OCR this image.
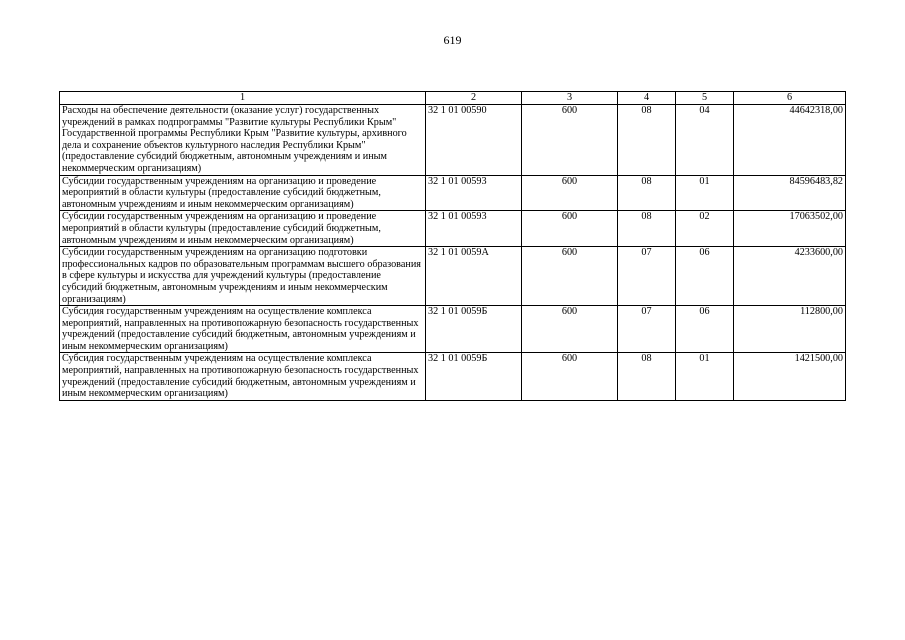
619
1	2	3	4	5	6
Расходы на обеспечение деятельности (оказание услуг) государственных учреждений в рамках подпрограммы "Развитие культуры Республики Крым" Государственной программы Республики Крым "Развитие культуры, архивного дела и сохранение объектов культурного наследия Республики Крым" (предоставление субсидий бюджетным, автономным учреждениям и иным некоммерческим организациям)	32 1 01 00590	600	08	04	44642318,00
Субсидии государственным учреждениям на организацию и проведение мероприятий в области культуры (предоставление субсидий бюджетным, автономным учреждениям и иным некоммерческим организациям)	32 1 01 00593	600	08	01	84596483,82
Субсидии государственным учреждениям на организацию и проведение мероприятий в области культуры (предоставление субсидий бюджетным, автономным учреждениям и иным некоммерческим организациям)	32 1 01 00593	600	08	02	17063502,00
Субсидии государственным учреждениям на организацию подготовки профессиональных кадров по образовательным программам высшего образования в сфере культуры и искусства для учреждений культуры (предоставление субсидий бюджетным, автономным учреждениям и иным некоммерческим организациям)	32 1 01 0059А	600	07	06	4233600,00
Субсидия государственным учреждениям на осуществление комплекса мероприятий, направленных на противопожарную безопасность государственных учреждений (предоставление субсидий бюджетным, автономным учреждениям и иным некоммерческим организациям)	32 1 01 0059Б	600	07	06	112800,00
Субсидия государственным учреждениям на осуществление комплекса мероприятий, направленных на противопожарную безопасность государственных учреждений (предоставление субсидий бюджетным, автономным учреждениям и иным некоммерческим организациям)	32 1 01 0059Б	600	08	01	1421500,00
